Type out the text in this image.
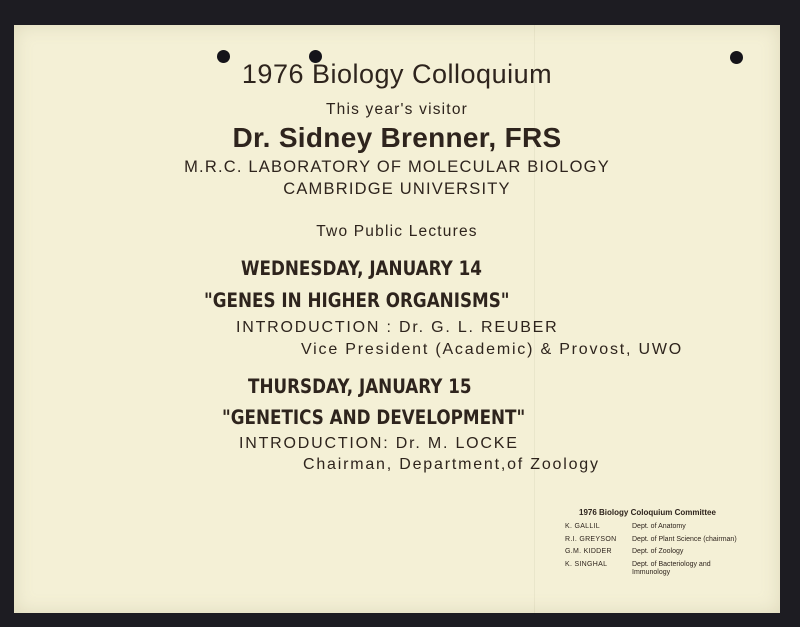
1976 Biology Colloquium
This year's visitor
Dr. Sidney Brenner, FRS
M.R.C. LABORATORY OF MOLECULAR BIOLOGY
CAMBRIDGE UNIVERSITY
Two Public Lectures
WEDNESDAY, JANUARY 14
"GENES IN HIGHER ORGANISMS"
INTRODUCTION : Dr. G. L. REUBER
Vice President (Academic) & Provost, UWO
THURSDAY, JANUARY 15
"GENETICS AND DEVELOPMENT"
INTRODUCTION: Dr. M. LOCKE
Chairman, Department,of Zoology
1976 Biology Coloquium Committee
K. GALLIL	Dept. of Anatomy
R.I. GREYSON	Dept. of Plant Science (chairman)
G.M. KIDDER	Dept. of Zoology
K. SINGHAL	Dept. of Bacteriology and Immunology
